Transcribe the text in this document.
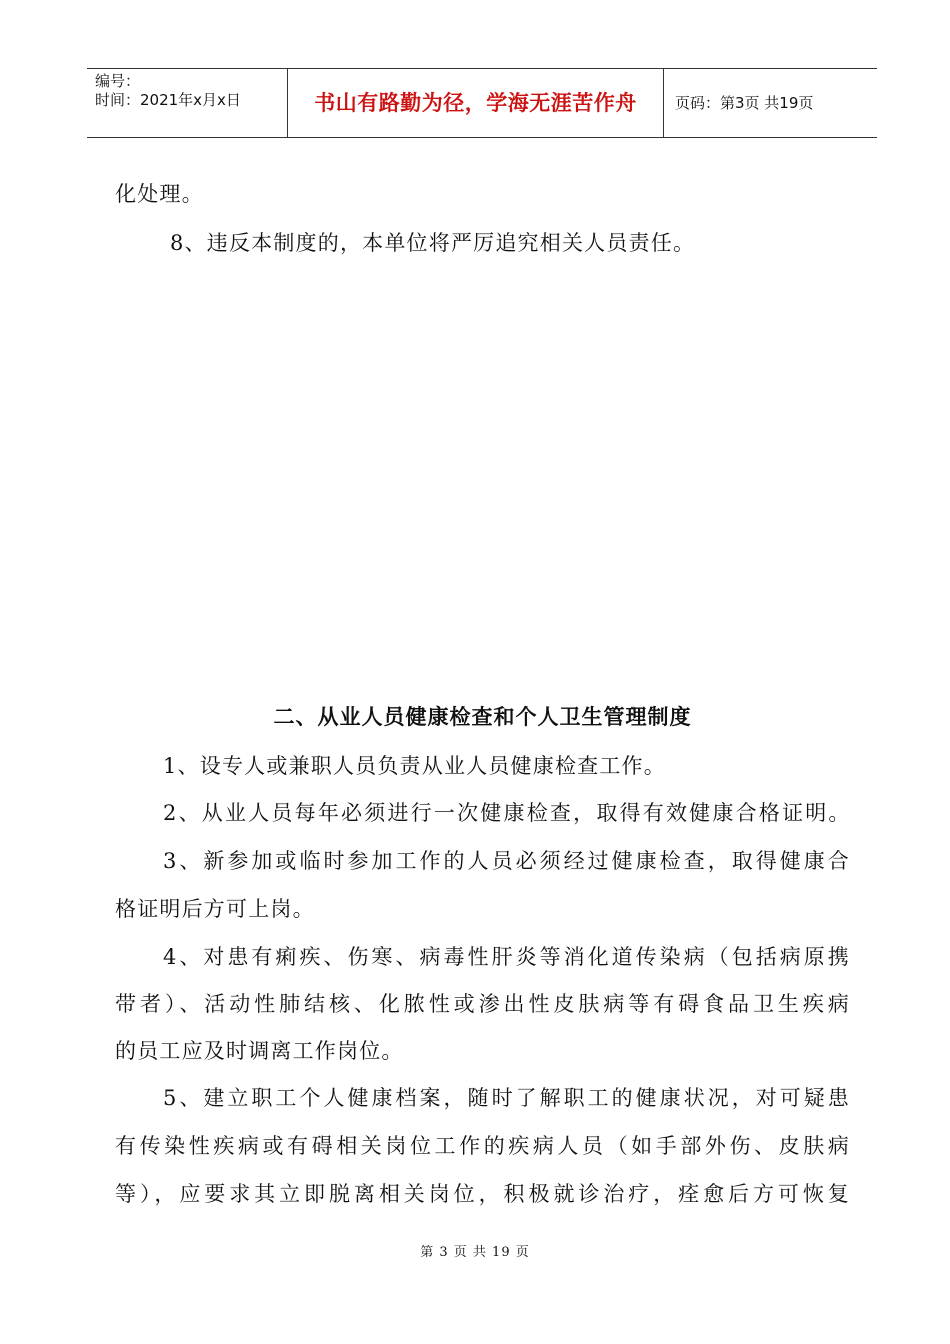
编号：
时间：2021年x月x日	书山有路勤为径，学海无涯苦作舟	页码：第3页 共19页
化处理。
8、违反本制度的，本单位将严厉追究相关人员责任。
二、从业人员健康检查和个人卫生管理制度
1、设专人或兼职人员负责从业人员健康检查工作。
2、从业人员每年必须进行一次健康检查，取得有效健康合格证明。
3、新参加或临时参加工作的人员必须经过健康检查，取得健康合
格证明后方可上岗。
4、对患有痢疾、伤寒、病毒性肝炎等消化道传染病（包括病原携
带者）、活动性肺结核、化脓性或渗出性皮肤病等有碍食品卫生疾病
的员工应及时调离工作岗位。
5、建立职工个人健康档案，随时了解职工的健康状况，对可疑患
有传染性疾病或有碍相关岗位工作的疾病人员（如手部外伤、皮肤病
等），应要求其立即脱离相关岗位，积极就诊治疗，痊愈后方可恢复
第 3 页 共 19 页
